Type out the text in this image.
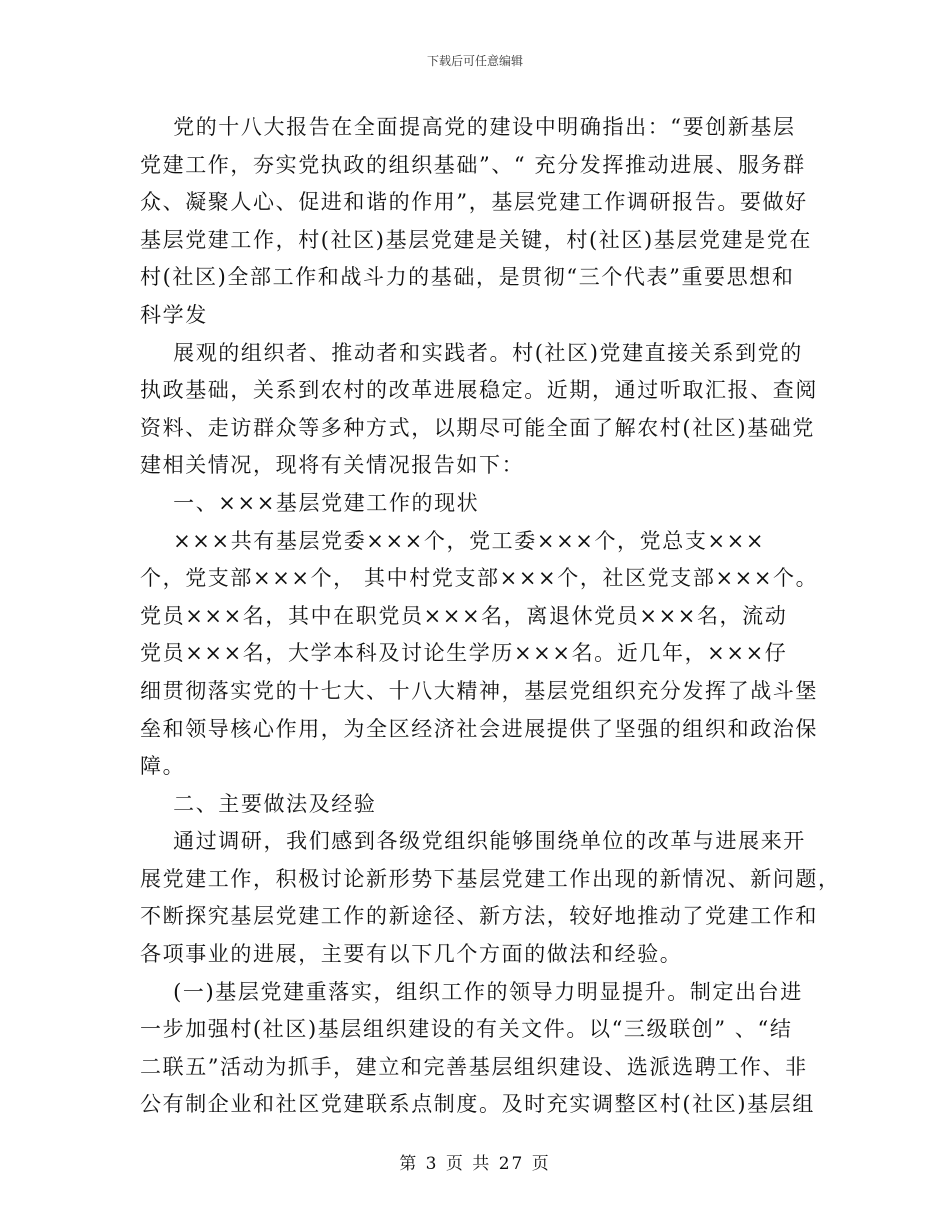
下载后可任意编辑
党的十八大报告在全面提高党的建设中明确指出：“要创新基层
党建工作，夯实党执政的组织基础”、“ 充分发挥推动进展、服务群
众、凝聚人心、促进和谐的作用”，基层党建工作调研报告。要做好
基层党建工作，村(社区)基层党建是关键，村(社区)基层党建是党在
村(社区)全部工作和战斗力的基础，是贯彻“三个代表”重要思想和
科学发
展观的组织者、推动者和实践者。村(社区)党建直接关系到党的
执政基础，关系到农村的改革进展稳定。近期，通过听取汇报、查阅
资料、走访群众等多种方式，以期尽可能全面了解农村(社区)基础党
建相关情况，现将有关情况报告如下：
一、×××基层党建工作的现状
×××共有基层党委×××个，党工委×××个，党总支×××
个，党支部×××个， 其中村党支部×××个，社区党支部×××个。
党员×××名，其中在职党员×××名，离退休党员×××名，流动
党员×××名，大学本科及讨论生学历×××名。近几年，×××仔
细贯彻落实党的十七大、十八大精神，基层党组织充分发挥了战斗堡
垒和领导核心作用，为全区经济社会进展提供了坚强的组织和政治保
障。
二、主要做法及经验
通过调研，我们感到各级党组织能够围绕单位的改革与进展来开
展党建工作，积极讨论新形势下基层党建工作出现的新情况、新问题，
不断探究基层党建工作的新途径、新方法，较好地推动了党建工作和
各项事业的进展，主要有以下几个方面的做法和经验。
(一)基层党建重落实，组织工作的领导力明显提升。制定出台进
一步加强村(社区)基层组织建设的有关文件。以“三级联创” 、“结
二联五”活动为抓手，建立和完善基层组织建设、选派选聘工作、非
公有制企业和社区党建联系点制度。及时充实调整区村(社区)基层组
第 3 页 共 27 页
